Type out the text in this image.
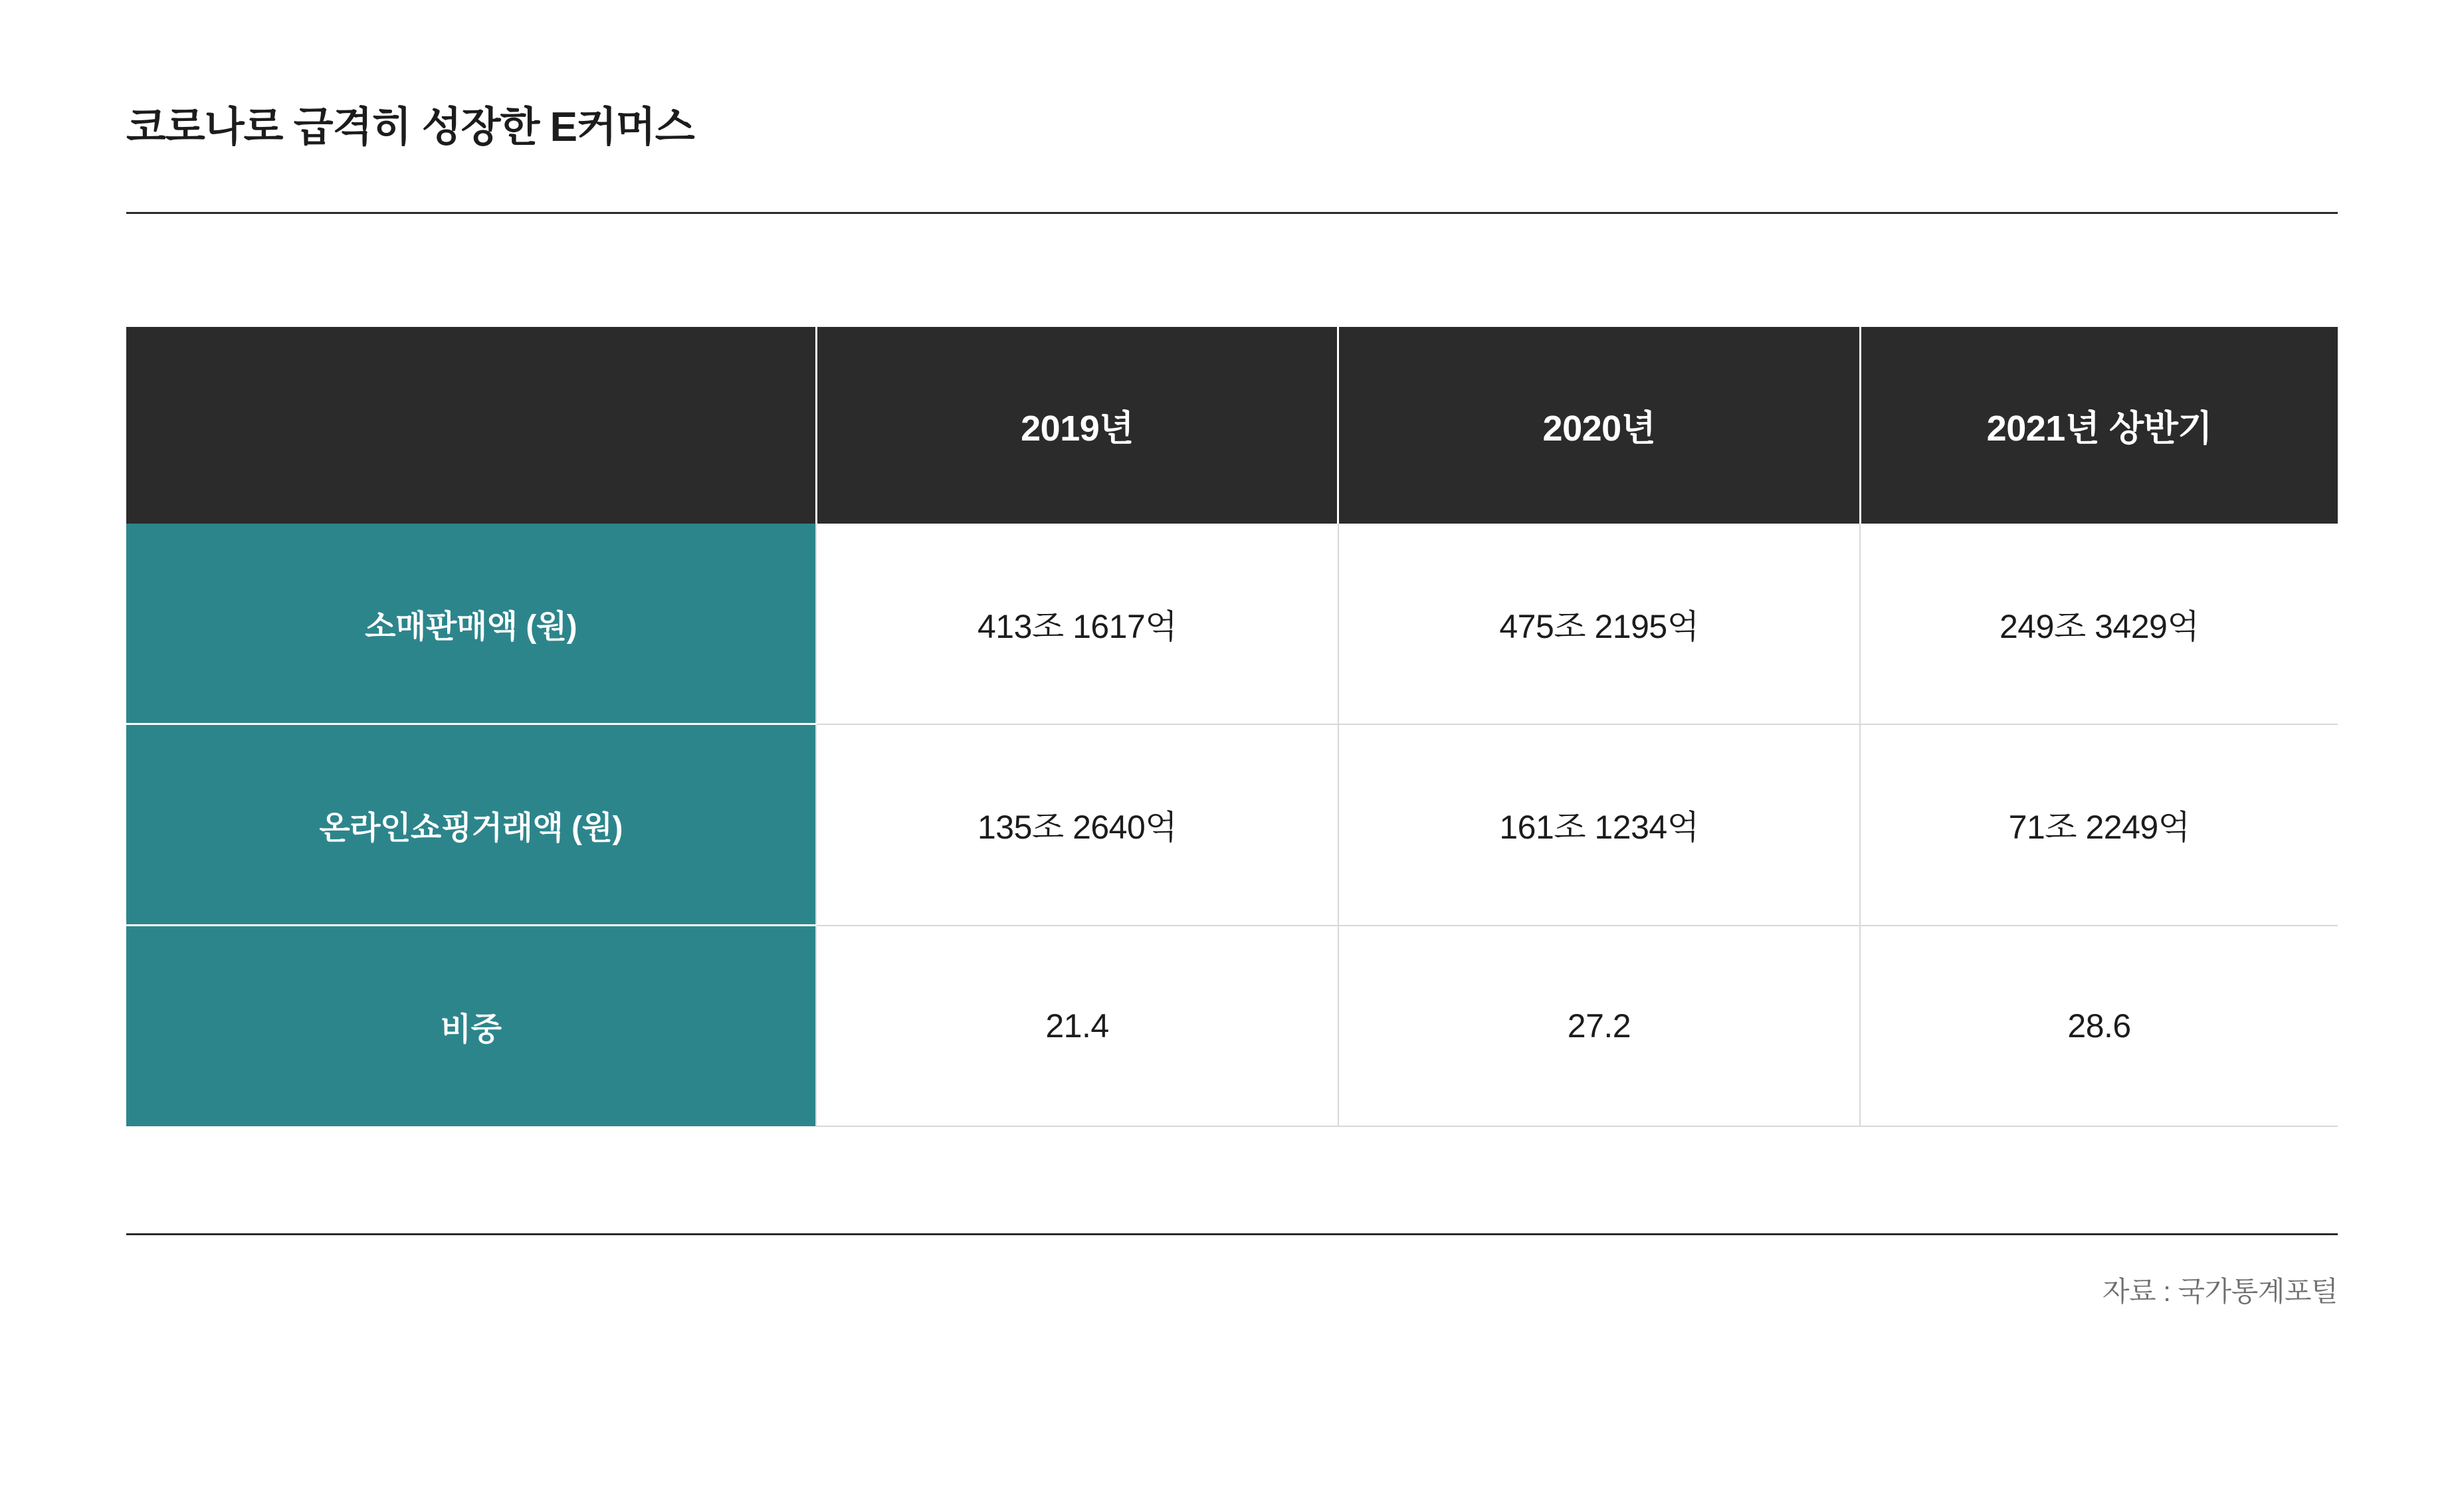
코로나로 급격히 성장한 E커머스
	2019년	2020년	2021년 상반기
소매판매액 (원)	413조 1617억	475조 2195억	249조 3429억
온라인쇼핑거래액 (원)	135조 2640억	161조 1234억	71조 2249억
비중	21.4	27.2	28.6
자료 : 국가통계포털
